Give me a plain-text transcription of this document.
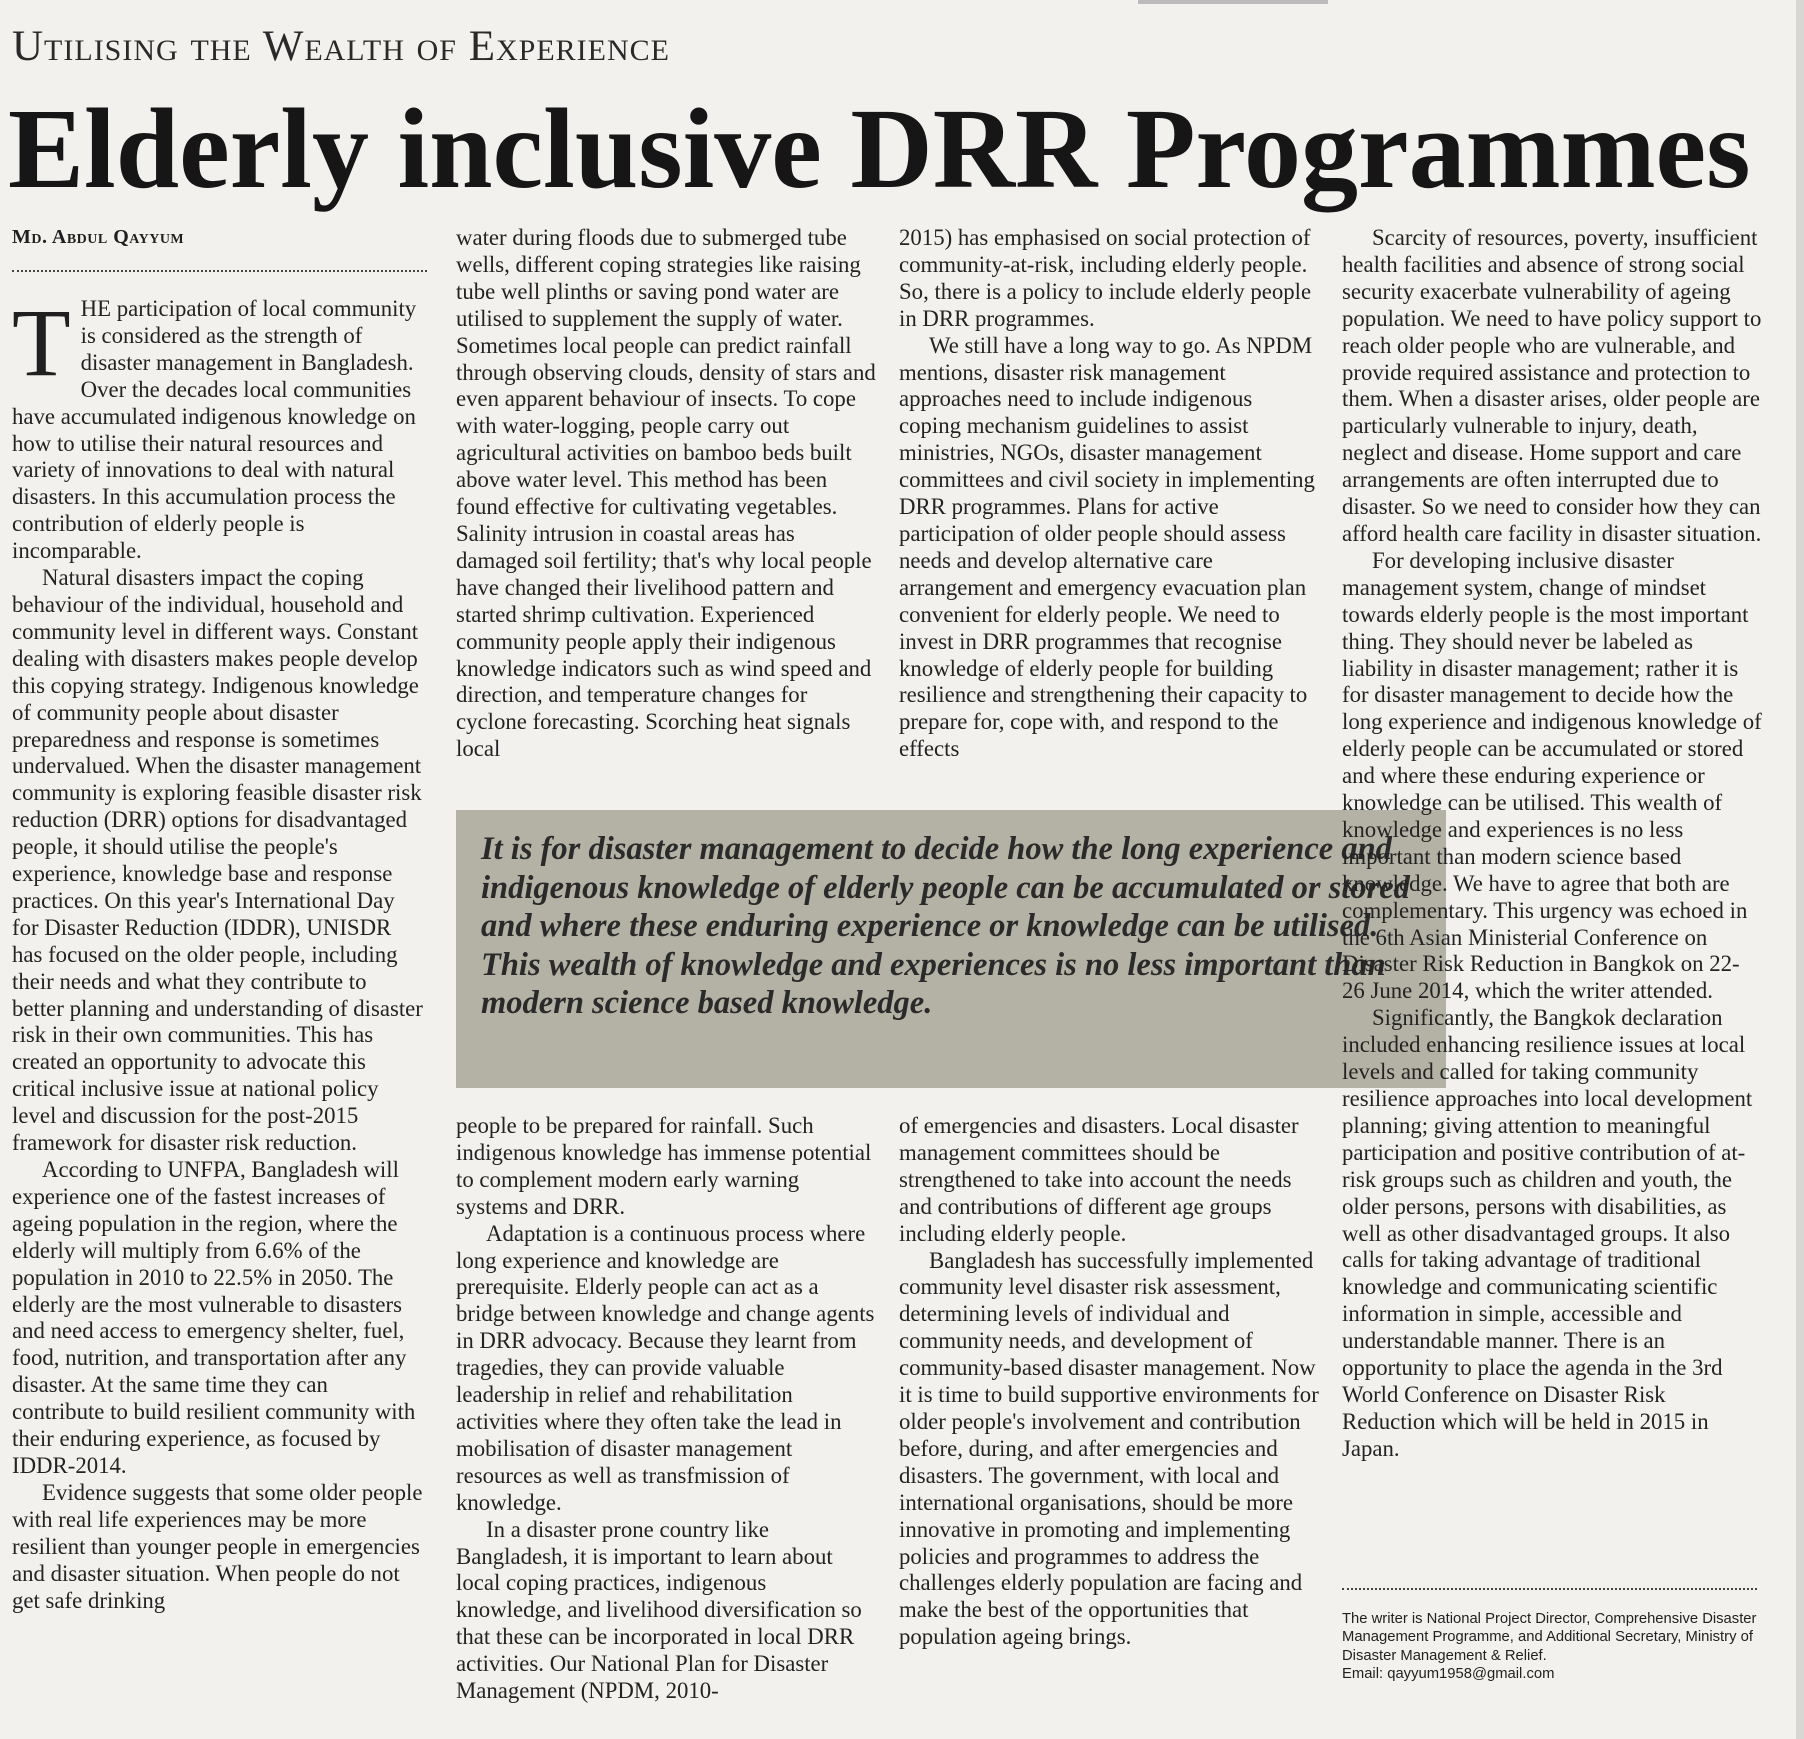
Utilising the Wealth of Experience
Elderly inclusive DRR Programmes
Md. Abdul Qayyum

THE participation of local community is considered as the strength of disaster management in Bangladesh. Over the decades local communities have accumulated indigenous knowledge on how to utilise their natural resources and variety of innovations to deal with natural disasters. In this accumulation process the contribution of elderly people is incomparable.

Natural disasters impact the coping behaviour of the individual, household and community level in different ways. Constant dealing with disasters makes people develop this copying strategy. Indigenous knowledge of community people about disaster preparedness and response is sometimes undervalued. When the disaster management community is exploring feasible disaster risk reduction (DRR) options for disadvantaged people, it should utilise the people's experience, knowledge base and response practices. On this year's International Day for Disaster Reduction (IDDR), UNISDR has focused on the older people, including their needs and what they contribute to better planning and understanding of disaster risk in their own communities. This has created an opportunity to advocate this critical inclusive issue at national policy level and discussion for the post-2015 framework for disaster risk reduction.

According to UNFPA, Bangladesh will experience one of the fastest increases of ageing population in the region, where the elderly will multiply from 6.6% of the population in 2010 to 22.5% in 2050. The elderly are the most vulnerable to disasters and need access to emergency shelter, fuel, food, nutrition, and transportation after any disaster. At the same time they can contribute to build resilient community with their enduring experience, as focused by IDDR-2014.

Evidence suggests that some older people with real life experiences may be more resilient than younger people in emergencies and disaster situation. When people do not get safe drinking

water during floods due to submerged tube wells, different coping strategies like raising tube well plinths or saving pond water are utilised to supplement the supply of water. Sometimes local people can predict rainfall through observing clouds, density of stars and even apparent behaviour of insects. To cope with water-logging, people carry out agricultural activities on bamboo beds built above water level. This method has been found effective for cultivating vegetables. Salinity intrusion in coastal areas has damaged soil fertility; that's why local people have changed their livelihood pattern and started shrimp cultivation. Experienced community people apply their indigenous knowledge indicators such as wind speed and direction, and temperature changes for cyclone forecasting. Scorching heat signals local

2015) has emphasised on social protection of community-at-risk, including elderly people. So, there is a policy to include elderly people in DRR programmes.

We still have a long way to go. As NPDM mentions, disaster risk management approaches need to include indigenous coping mechanism guidelines to assist ministries, NGOs, disaster management committees and civil society in implementing DRR programmes. Plans for active participation of older people should assess needs and develop alternative care arrangement and emergency evacuation plan convenient for elderly people. We need to invest in DRR programmes that recognise knowledge of elderly people for building resilience and strengthening their capacity to prepare for, cope with, and respond to the effects

It is for disaster management to decide how the long experience and indigenous knowledge of elderly people can be accumulated or stored and where these enduring experience or knowledge can be utilised. This wealth of knowledge and experiences is no less important than modern science based knowledge.

people to be prepared for rainfall. Such indigenous knowledge has immense potential to complement modern early warning systems and DRR.

Adaptation is a continuous process where long experience and knowledge are prerequisite. Elderly people can act as a bridge between knowledge and change agents in DRR advocacy. Because they learnt from tragedies, they can provide valuable leadership in relief and rehabilitation activities where they often take the lead in mobilisation of disaster management resources as well as transfmission of knowledge.

In a disaster prone country like Bangladesh, it is important to learn about local coping practices, indigenous knowledge, and livelihood diversification so that these can be incorporated in local DRR activities. Our National Plan for Disaster Management (NPDM, 2010-

of emergencies and disasters. Local disaster management committees should be strengthened to take into account the needs and contributions of different age groups including elderly people.

Bangladesh has successfully implemented community level disaster risk assessment, determining levels of individual and community needs, and development of community-based disaster management. Now it is time to build supportive environments for older people's involvement and contribution before, during, and after emergencies and disasters. The government, with local and international organisations, should be more innovative in promoting and implementing policies and programmes to address the challenges elderly population are facing and make the best of the opportunities that population ageing brings.

Scarcity of resources, poverty, insufficient health facilities and absence of strong social security exacerbate vulnerability of ageing population. We need to have policy support to reach older people who are vulnerable, and provide required assistance and protection to them. When a disaster arises, older people are particularly vulnerable to injury, death, neglect and disease. Home support and care arrangements are often interrupted due to disaster. So we need to consider how they can afford health care facility in disaster situation.

For developing inclusive disaster management system, change of mindset towards elderly people is the most important thing. They should never be labeled as liability in disaster management; rather it is for disaster management to decide how the long experience and indigenous knowledge of elderly people can be accumulated or stored and where these enduring experience or knowledge can be utilised. This wealth of knowledge and experiences is no less important than modern science based knowledge. We have to agree that both are complementary. This urgency was echoed in the 6th Asian Ministerial Conference on Disaster Risk Reduction in Bangkok on 22-26 June 2014, which the writer attended.

Significantly, the Bangkok declaration included enhancing resilience issues at local levels and called for taking community resilience approaches into local development planning; giving attention to meaningful participation and positive contribution of at-risk groups such as children and youth, the older persons, persons with disabilities, as well as other disadvantaged groups. It also calls for taking advantage of traditional knowledge and communicating scientific information in simple, accessible and understandable manner. There is an opportunity to place the agenda in the 3rd World Conference on Disaster Risk Reduction which will be held in 2015 in Japan.

The writer is National Project Director, Comprehensive Disaster Management Programme, and Additional Secretary, Ministry of Disaster Management & Relief.

Email: qayyum1958@gmail.com
